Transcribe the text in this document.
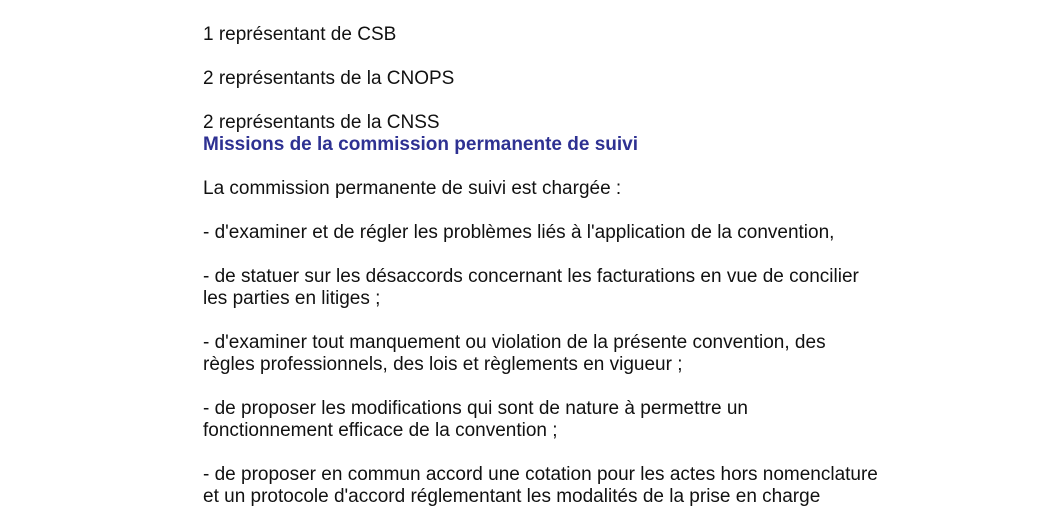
1 représentant de CSB

2 représentants de la CNOPS

2 représentants de la CNSS

Missions de la commission permanente de suivi

La commission permanente de suivi est chargée :

- d'examiner et de régler les problèmes liés à l'application de la convention,

- de statuer sur les désaccords concernant les facturations en vue de concilier

les parties en litiges ;

- d'examiner tout manquement ou violation de la présente convention, des

règles professionnels, des lois et règlements en vigueur ;

- de proposer les modifications qui sont de nature à permettre un

fonctionnement efficace de la convention ;

- de proposer en commun accord une cotation pour les actes hors nomenclature

et un protocole d'accord réglementant les modalités de la prise en charge
